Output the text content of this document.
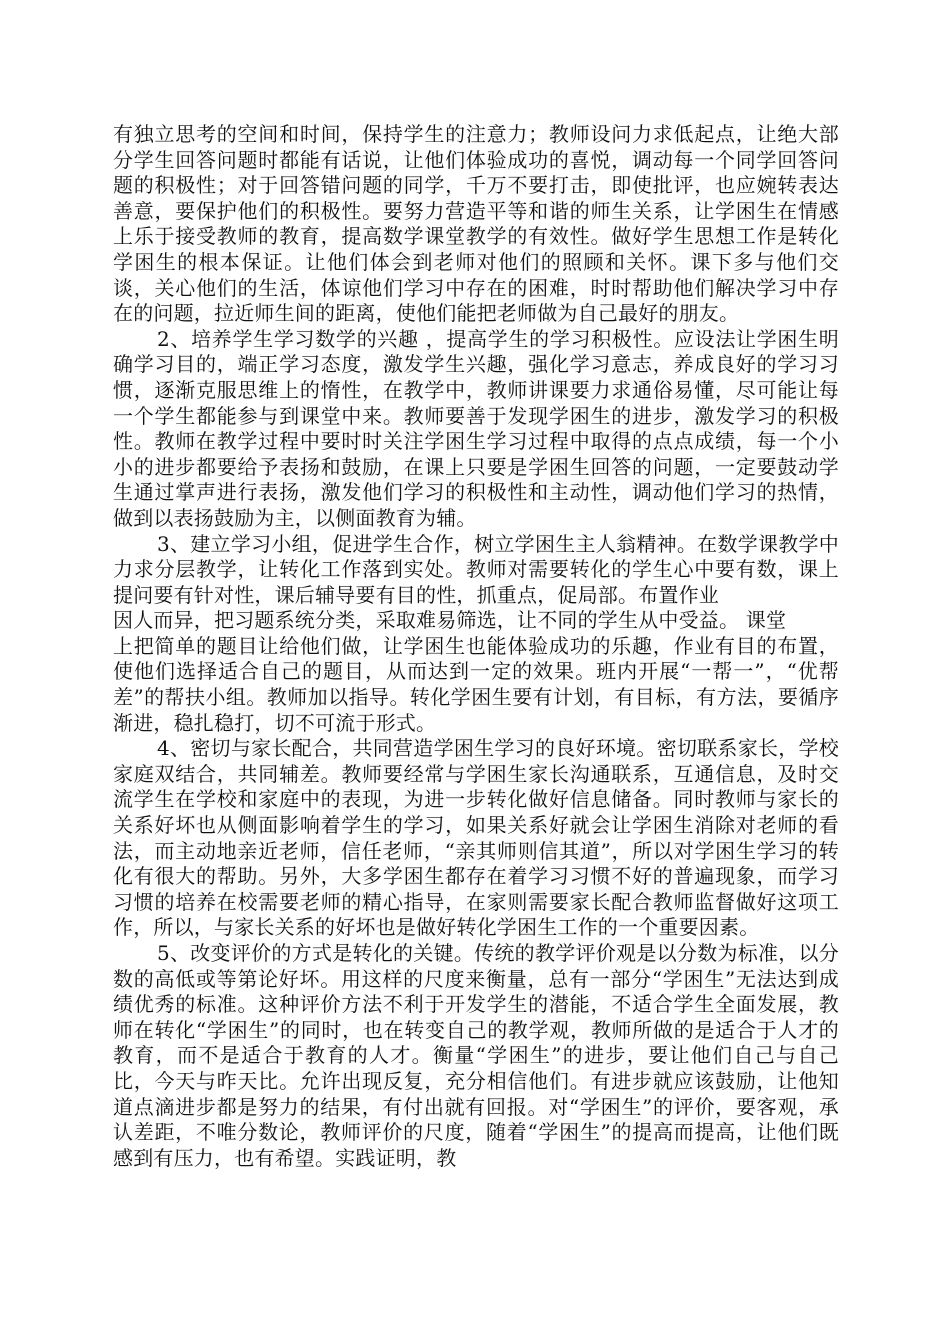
有独立思考的空间和时间，保持学生的注意力；教师设问力求低起点，让绝大部分学生回答问题时都能有话说，让他们体验成功的喜悦，调动每一个同学回答问题的积极性；对于回答错问题的同学，千万不要打击，即使批评，也应婉转表达善意，要保护他们的积极性。要努力营造平等和谐的师生关系，让学困生在情感上乐于接受教师的教育，提高数学课堂教学的有效性。做好学生思想工作是转化学困生的根本保证。让他们体会到老师对他们的照顾和关怀。课下多与他们交谈，关心他们的生活，体谅他们学习中存在的困难，时时帮助他们解决学习中存在的问题，拉近师生间的距离，使他们能把老师做为自己最好的朋友。

2、培养学生学习数学的兴趣 ，提高学生的学习积极性。应设法让学困生明确学习目的，端正学习态度，激发学生兴趣，强化学习意志，养成良好的学习习惯，逐渐克服思维上的惰性，在教学中，教师讲课要力求通俗易懂，尽可能让每一个学生都能参与到课堂中来。教师要善于发现学困生的进步，激发学习的积极性。教师在教学过程中要时时关注学困生学习过程中取得的点点成绩，每一个小小的进步都要给予表扬和鼓励，在课上只要是学困生回答的问题，一定要鼓动学生通过掌声进行表扬，激发他们学习的积极性和主动性，调动他们学习的热情，做到以表扬鼓励为主，以侧面教育为辅。

3、建立学习小组，促进学生合作，树立学困生主人翁精神。在数学课教学中力求分层教学，让转化工作落到实处。教师对需要转化的学生心中要有数，课上提问要有针对性，课后辅导要有目的性，抓重点，促局部。布置作业

因人而异，把习题系统分类，采取难易筛选，让不同的学生从中受益。 课堂

上把简单的题目让给他们做，让学困生也能体验成功的乐趣，作业有目的布置，使他们选择适合自己的题目，从而达到一定的效果。班内开展“一帮一”，“优帮差”的帮扶小组。教师加以指导。转化学困生要有计划，有目标，有方法，要循序渐进，稳扎稳打，切不可流于形式。

4、密切与家长配合，共同营造学困生学习的良好环境。密切联系家长，学校家庭双结合，共同辅差。教师要经常与学困生家长沟通联系，互通信息，及时交流学生在学校和家庭中的表现，为进一步转化做好信息储备。同时教师与家长的关系好坏也从侧面影响着学生的学习，如果关系好就会让学困生消除对老师的看法，而主动地亲近老师，信任老师，“亲其师则信其道”，所以对学困生学习的转化有很大的帮助。另外，大多学困生都存在着学习习惯不好的普遍现象，而学习习惯的培养在校需要老师的精心指导，在家则需要家长配合教师监督做好这项工作，所以，与家长关系的好坏也是做好转化学困生工作的一个重要因素。

5、改变评价的方式是转化的关键。传统的教学评价观是以分数为标准，以分数的高低或等第论好坏。用这样的尺度来衡量，总有一部分“学困生”无法达到成绩优秀的标准。这种评价方法不利于开发学生的潜能，不适合学生全面发展，教师在转化“学困生”的同时，也在转变自己的教学观，教师所做的是适合于人才的教育，而不是适合于教育的人才。衡量“学困生”的进步，要让他们自己与自己比，今天与昨天比。允许出现反复，充分相信他们。有进步就应该鼓励，让他知道点滴进步都是努力的结果，有付出就有回报。对“学困生”的评价，要客观，承认差距，不唯分数论，教师评价的尺度，随着“学困生”的提高而提高，让他们既感到有压力，也有希望。实践证明，教
